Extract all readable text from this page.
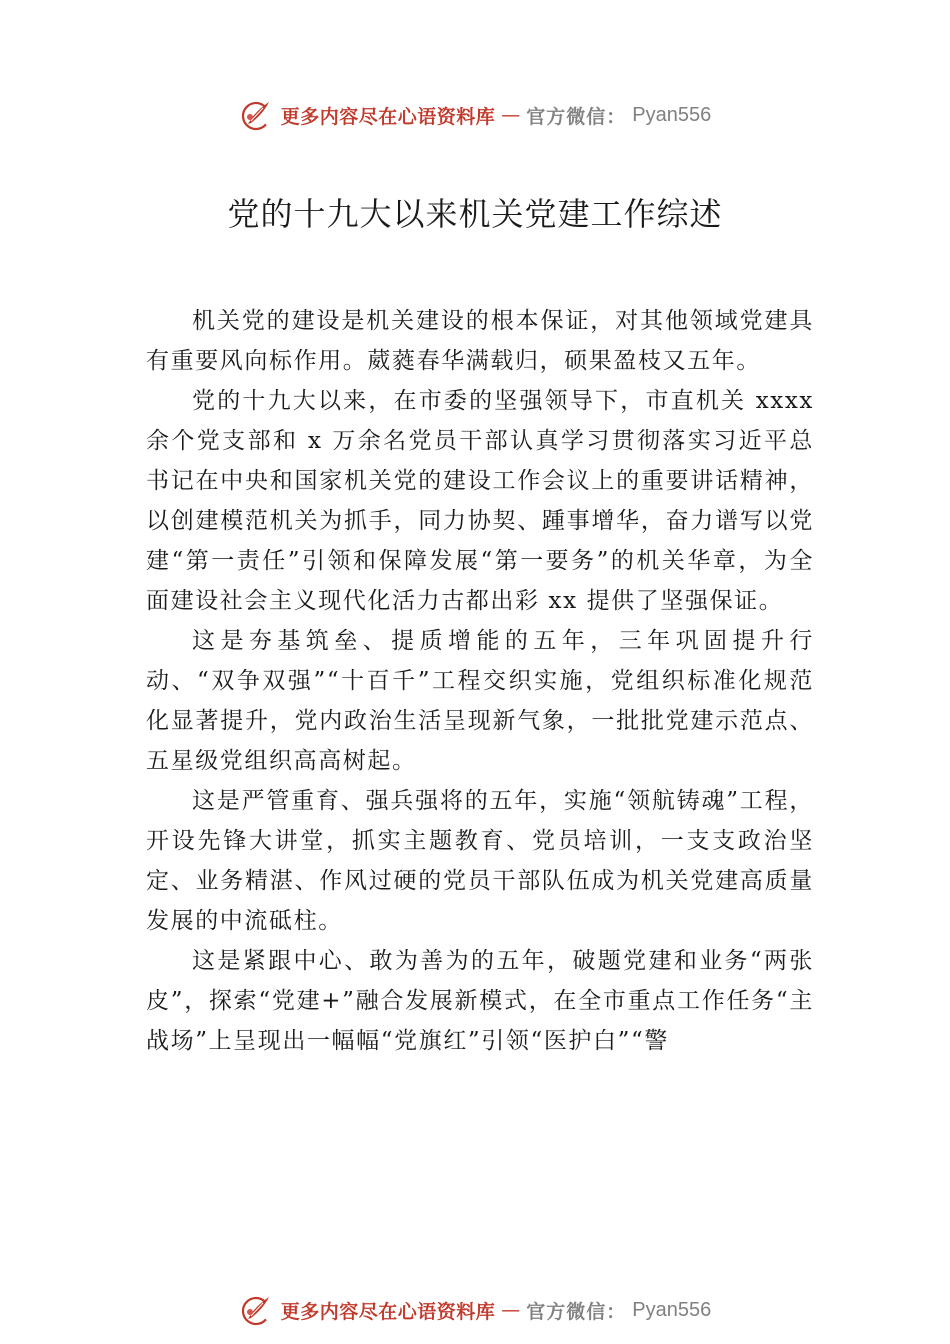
更多内容尽在心语资料库 — 官方微信： Pyan556
党的十九大以来机关党建工作综述

机关党的建设是机关建设的根本保证，对其他领域党建具有重要风向标作用。葳蕤春华满载归，硕果盈枝又五年。

党的十九大以来，在市委的坚强领导下，市直机关 xxxx 余个党支部和 x 万余名党员干部认真学习贯彻落实习近平总书记在中央和国家机关党的建设工作会议上的重要讲话精神，以创建模范机关为抓手，同力协契、踵事增华，奋力谱写以党建“第一责任”引领和保障发展“第一要务”的机关华章，为全面建设社会主义现代化活力古都出彩 xx 提供了坚强保证。

这是夯基筑垒、提质增能的五年，三年巩固提升行动、“双争双强”“十百千”工程交织实施，党组织标准化规范化显著提升，党内政治生活呈现新气象，一批批党建示范点、 五星级党组织高高树起。

这是严管重育、强兵强将的五年，实施“领航铸魂”工程，开设先锋大讲堂，抓实主题教育、党员培训，一支支政治坚定、业务精湛、作风过硬的党员干部队伍成为机关党建高质量发展的中流砥柱。

这是紧跟中心、敢为善为的五年，破题党建和业务“两张皮”，探索“党建+”融合发展新模式，在全市重点工作任务“主战场”上呈现出一幅幅“党旗红”引领“医护白”“警

更多内容尽在心语资料库 — 官方微信： Pyan556
